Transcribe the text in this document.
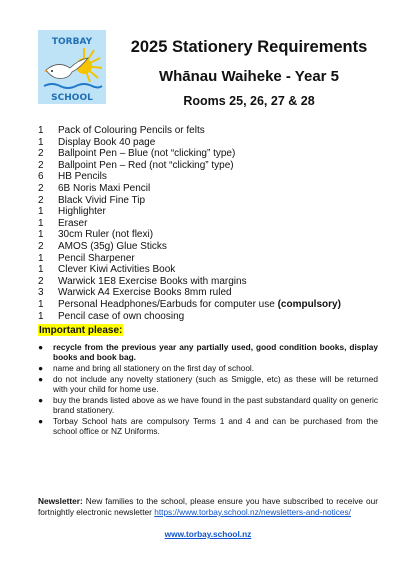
TORBAY
SCHOOL
2025 Stationery Requirements
Whānau Waiheke - Year 5
Rooms 25, 26, 27 & 28
1	Pack of Colouring Pencils or felts
1	Display Book 40 page
2	Ballpoint Pen – Blue (not “clicking” type)
2	Ballpoint Pen – Red (not “clicking” type)
6	HB Pencils
2	6B Noris Maxi Pencil
2	Black Vivid Fine Tip
1	Highlighter
1	Eraser
1	30cm Ruler (not flexi)
2	AMOS (35g) Glue Sticks
1	Pencil Sharpener
1	Clever Kiwi Activities Book
2	Warwick 1E8 Exercise Books with margins
3	Warwick A4 Exercise Books 8mm ruled
1	Personal Headphones/Earbuds for computer use (compulsory)
1	Pencil case of own choosing

Important please:

● recycle from the previous year any partially used, good condition books, display books and book bag.
● name and bring all stationery on the first day of school.
● do not include any novelty stationery (such as Smiggle, etc) as these will be returned with your child for home use.
● buy the brands listed above as we have found in the past substandard quality on generic brand stationery.
● Torbay School hats are compulsory Terms 1 and 4 and can be purchased from the school office or NZ Uniforms.

Newsletter: New families to the school, please ensure you have subscribed to receive our fortnightly electronic newsletter https://www.torbay.school.nz/newsletters-and-notices/

www.torbay.school.nz
